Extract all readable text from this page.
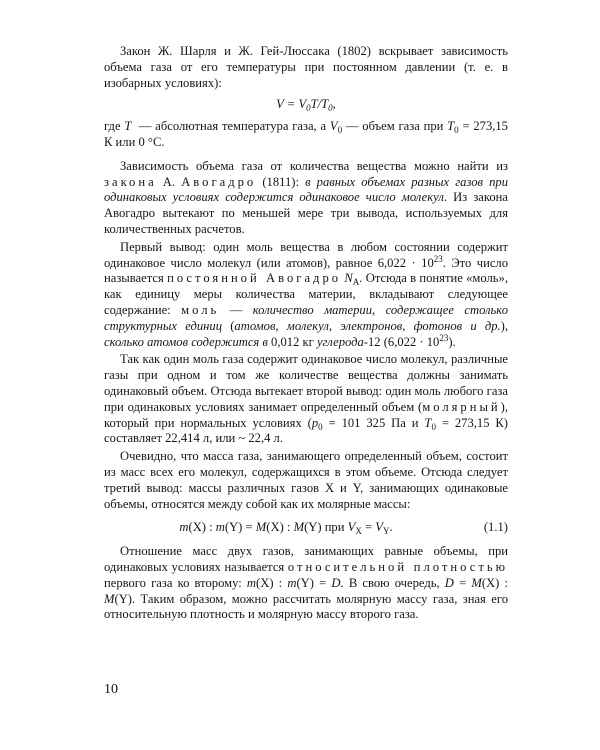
Закон Ж. Шарля и Ж. Гей-Люссака (1802) вскрывает зависимость объема газа от его температуры при постоянном давлении (т. е. в изобарных условиях):

$V = V_0T/T_0$,

где T  — абсолютная температура газа, а $V_0$ — объем газа при $T_0 = 273,15$ К или 0 °С.

Зависимость объема газа от количества вещества можно найти из закона А. Авогадро (1811): в равных объемах разных газов при одинаковых условиях содержится одинаковое число молекул. Из закона Авогадро вытекают по меньшей мере три вывода, используемых для количественных расчетов.

Первый вывод: один моль вещества в любом состоянии содержит одинаковое число молекул (или атомов), равное $6,022 \cdot 10^{23}$. Это число называется постоянной Авогадро $N_A$. Отсюда в понятие «моль», как единицу меры количества материи, вкладывают следующее содержание: моль — количество материи, содержащее столько структурных единиц (атомов, молекул, электронов, фотонов и др.), сколько атомов содержится в 0,012 кг углерода-12 $(6,022 \cdot 10^{23})$.

Так как один моль газа содержит одинаковое число молекул, различные газы при одном и том же количестве вещества должны занимать одинаковый объем. Отсюда вытекает второй вывод: один моль любого газа при одинаковых условиях занимает определенный объем (молярный), который при нормальных условиях ($p_0 = 101$ 325 Па и $T_0 = 273,15$ К) составляет 22,414 л, или ~ 22,4 л.

Очевидно, что масса газа, занимающего определенный объем, состоит из масс всех его молекул, содержащихся в этом объеме. Отсюда следует третий вывод: массы различных газов X и Y, занимающих одинаковые объемы, относятся между собой как их молярные массы:

m(X) : m(Y) = M(X) : M(Y) при $V_X = V_Y$.	(1.1)

Отношение масс двух газов, занимающих равные объемы, при одинаковых условиях называется относительной плотностью первого газа ко второму: m(X) : m(Y) = D. В свою очередь, D = M(X) : M(Y). Таким образом, можно рассчитать молярную массу газа, зная его относительную плотность и молярную массу второго газа.

10
